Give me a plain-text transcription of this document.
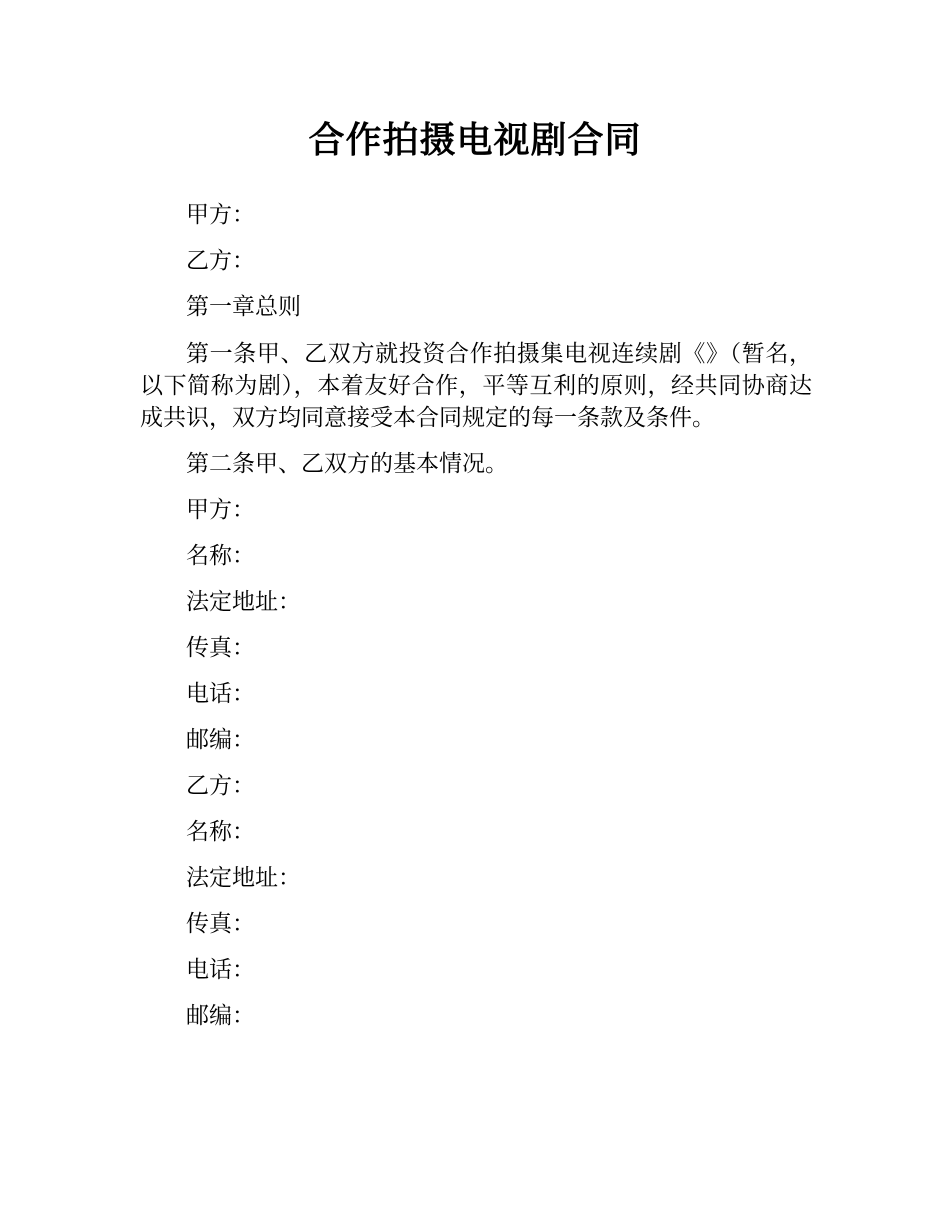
合作拍摄电视剧合同

甲方：

乙方：

第一章总则

第一条甲、乙双方就投资合作拍摄集电视连续剧《》（暂名，以下简称为剧），本着友好合作，平等互利的原则，经共同协商达成共识，双方均同意接受本合同规定的每一条款及条件。

第二条甲、乙双方的基本情况。

甲方：

名称：

法定地址：

传真：

电话：

邮编：

乙方：

名称：

法定地址：

传真：

电话：

邮编：
